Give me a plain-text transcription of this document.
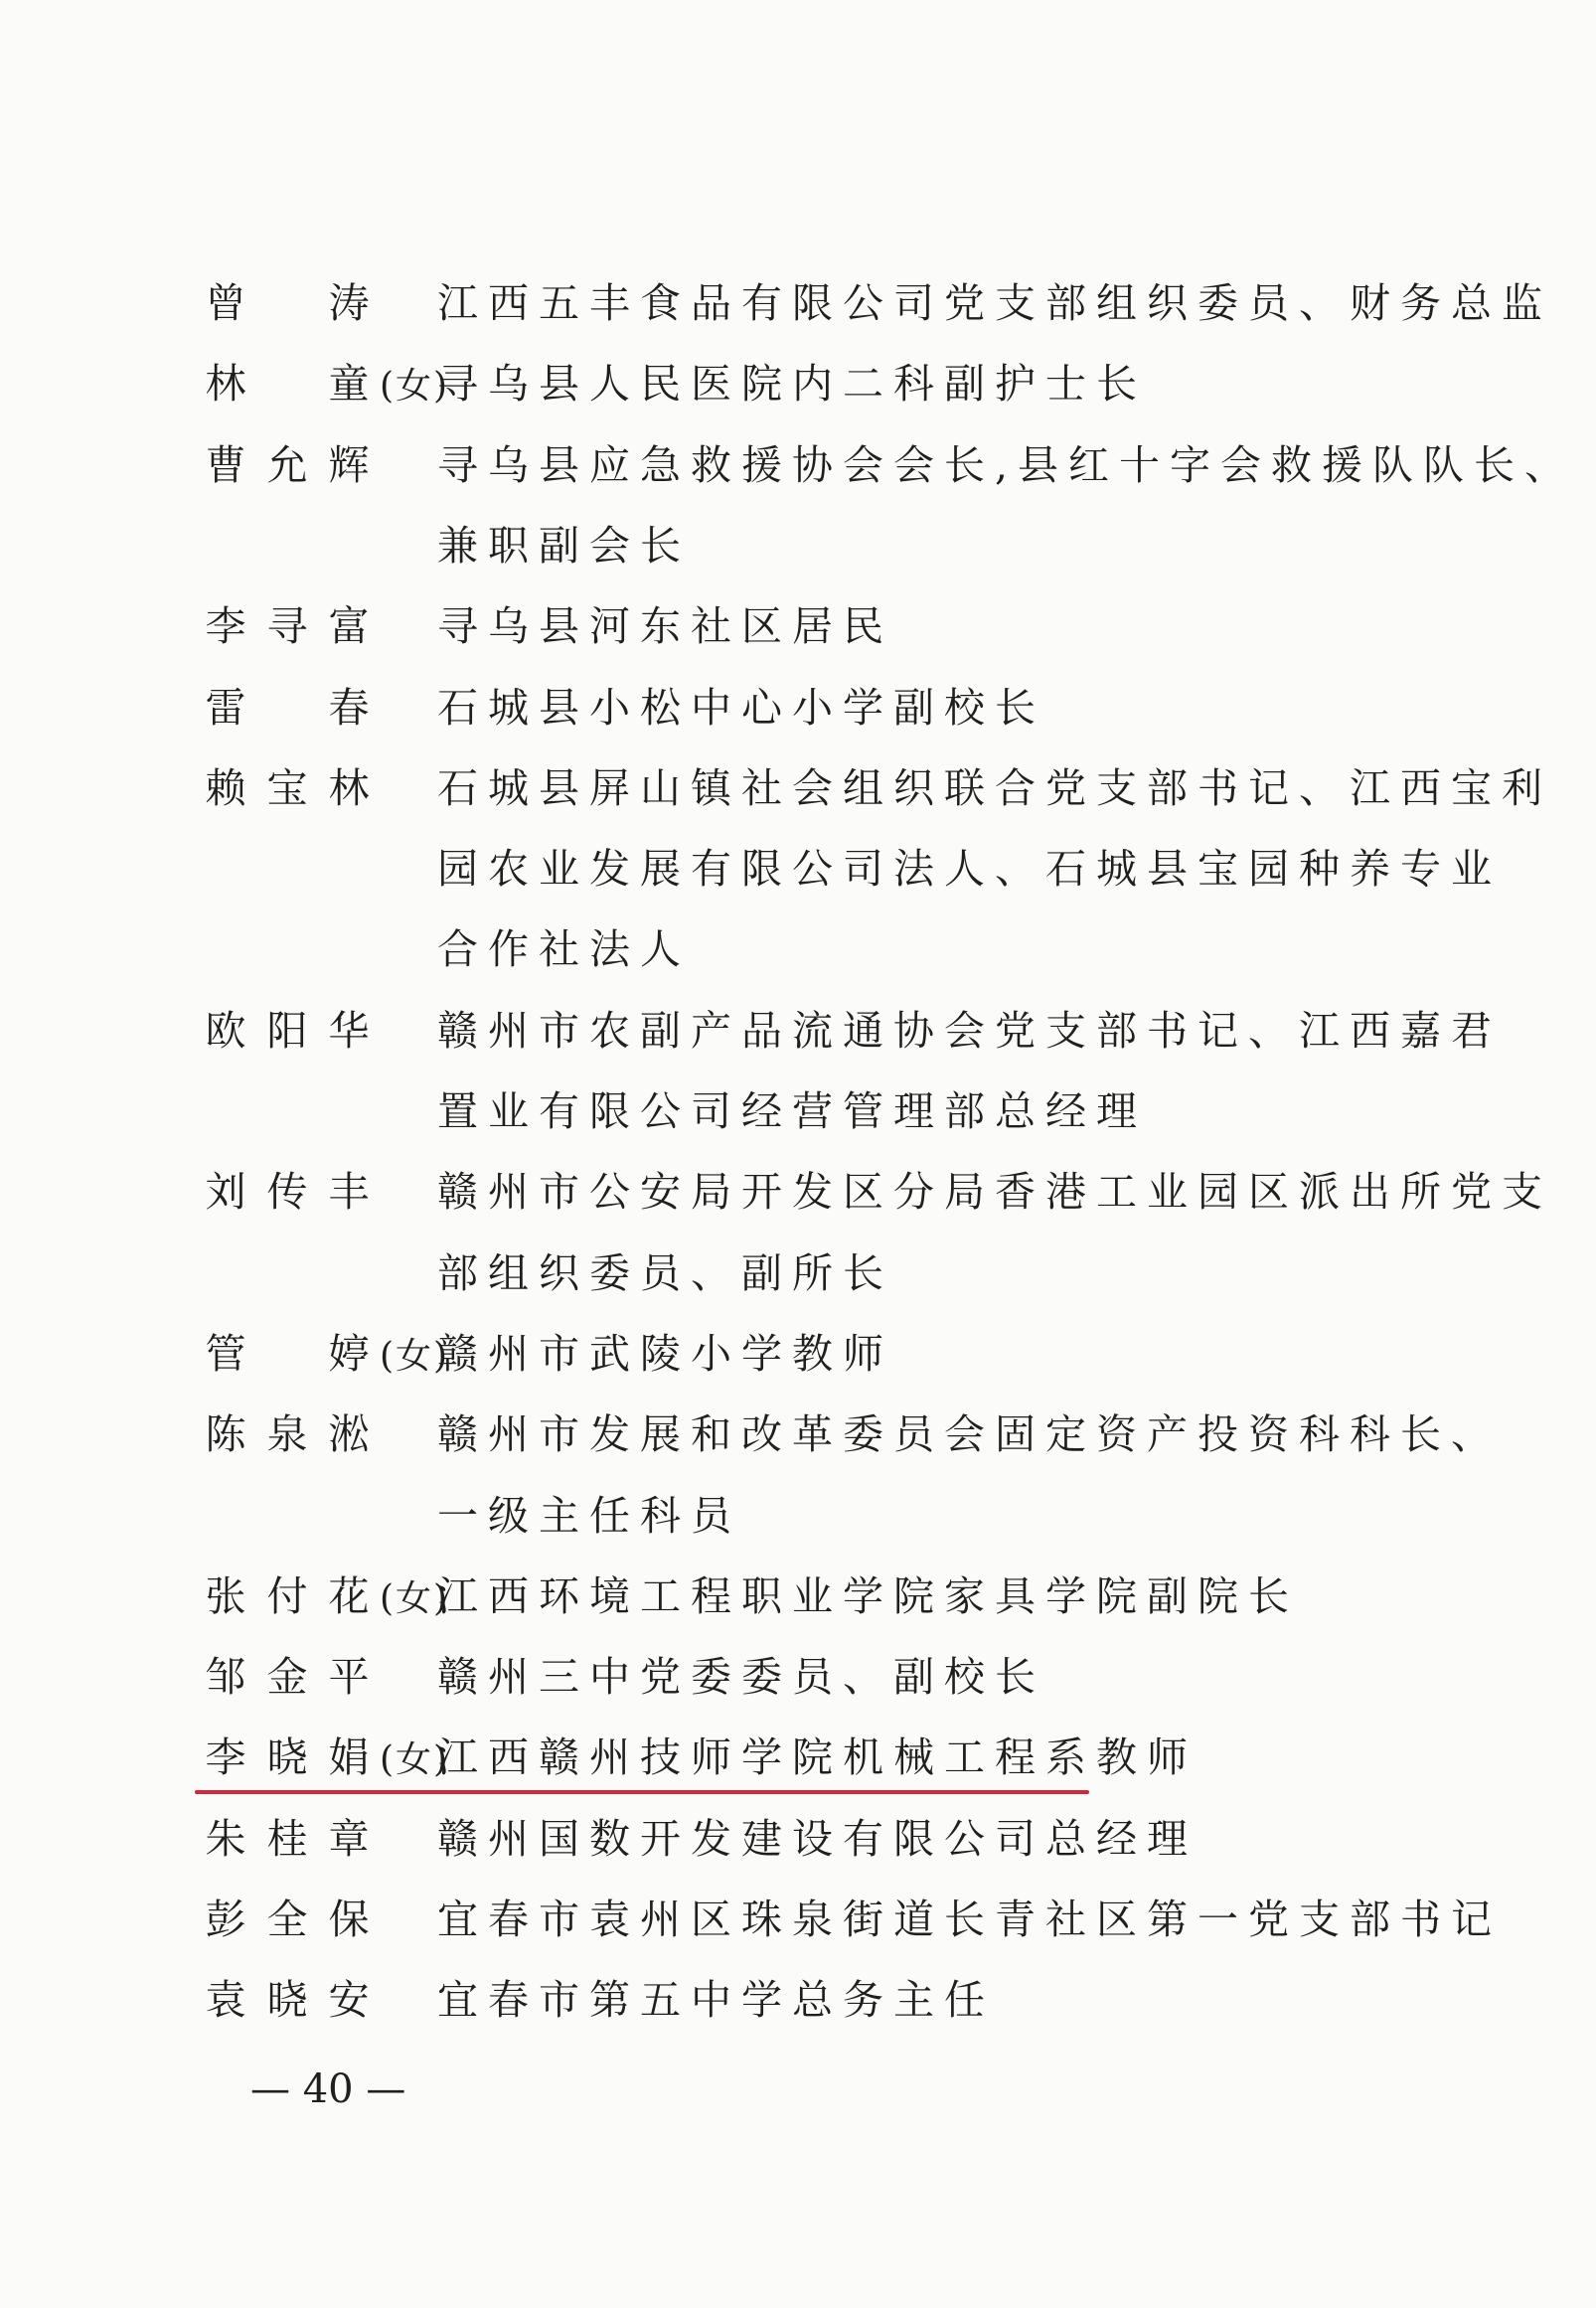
曾 涛 江西五丰食品有限公司党支部组织委员、财务总监
林 童 (女)
寻乌县人民医院内二科副护士长
曹 允 辉 寻乌县应急救援协会会长,县红十字会救援队队长、
兼职副会长
李 寻 富 寻乌县河东社区居民
雷 春 石城县小松中心小学副校长
赖 宝 林 石城县屏山镇社会组织联合党支部书记、江西宝利
园农业发展有限公司法人、石城县宝园种养专业
合作社法人
欧 阳 华 赣州市农副产品流通协会党支部书记、江西嘉君
置业有限公司经营管理部总经理
刘 传 丰 赣州市公安局开发区分局香港工业园区派出所党支
部组织委员、副所长
管 婷 (女)
赣州市武陵小学教师
陈 泉 淞 赣州市发展和改革委员会固定资产投资科科长、
一级主任科员
张 付 花 (女)
江西环境工程职业学院家具学院副院长
邹 金 平 赣州三中党委委员、副校长
李 晓 娟 (女)
江西赣州技师学院机械工程系教师
朱 桂 章 赣州国数开发建设有限公司总经理
彭 全 保 宜春市袁州区珠泉街道长青社区第一党支部书记
袁 晓 安 宜春市第五中学总务主任
— 40 —
